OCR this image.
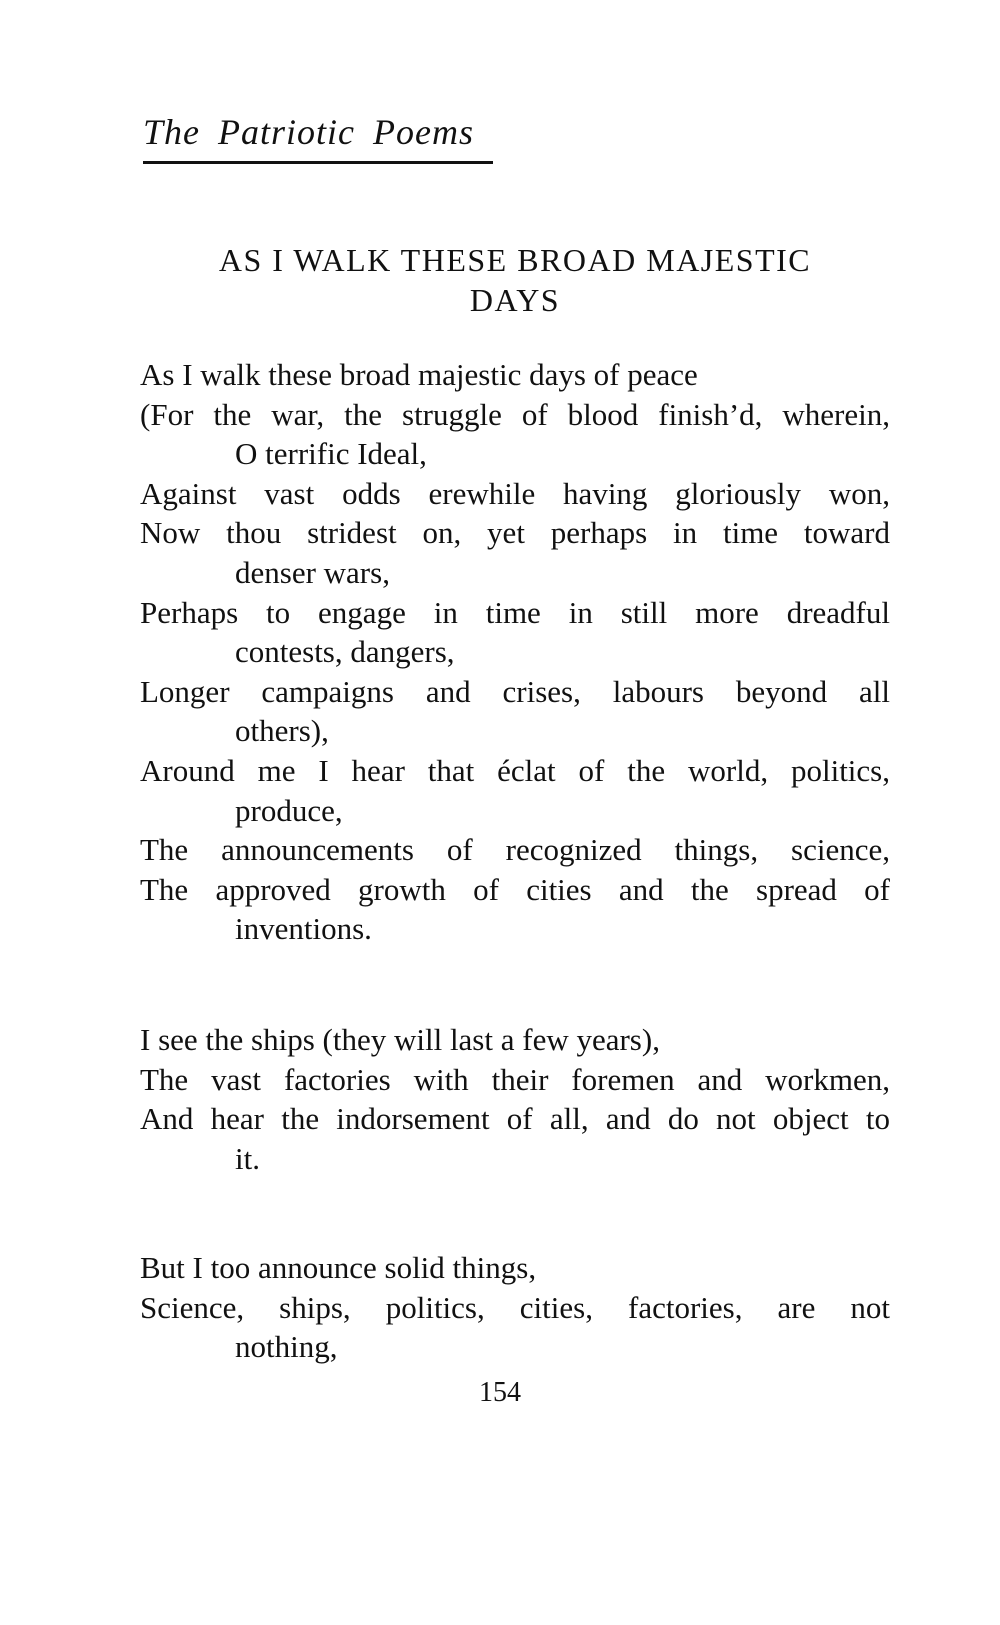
The Patriotic Poems
AS I WALK THESE BROAD MAJESTIC
DAYS

As I walk these broad majestic days of peace

(For the war, the struggle of blood finish’d, wherein,

O terrific Ideal,

Against vast odds erewhile having gloriously won,

Now thou stridest on, yet perhaps in time toward

denser wars,

Perhaps to engage in time in still more dreadful

contests, dangers,

Longer campaigns and crises, labours beyond all

others),

Around me I hear that éclat of the world, politics,

produce,

The announcements of recognized things, science,

The approved growth of cities and the spread of

inventions.

I see the ships (they will last a few years),

The vast factories with their foremen and workmen,

And hear the indorsement of all, and do not object to

it.

But I too announce solid things,

Science, ships, politics, cities, factories, are not

nothing,

154
